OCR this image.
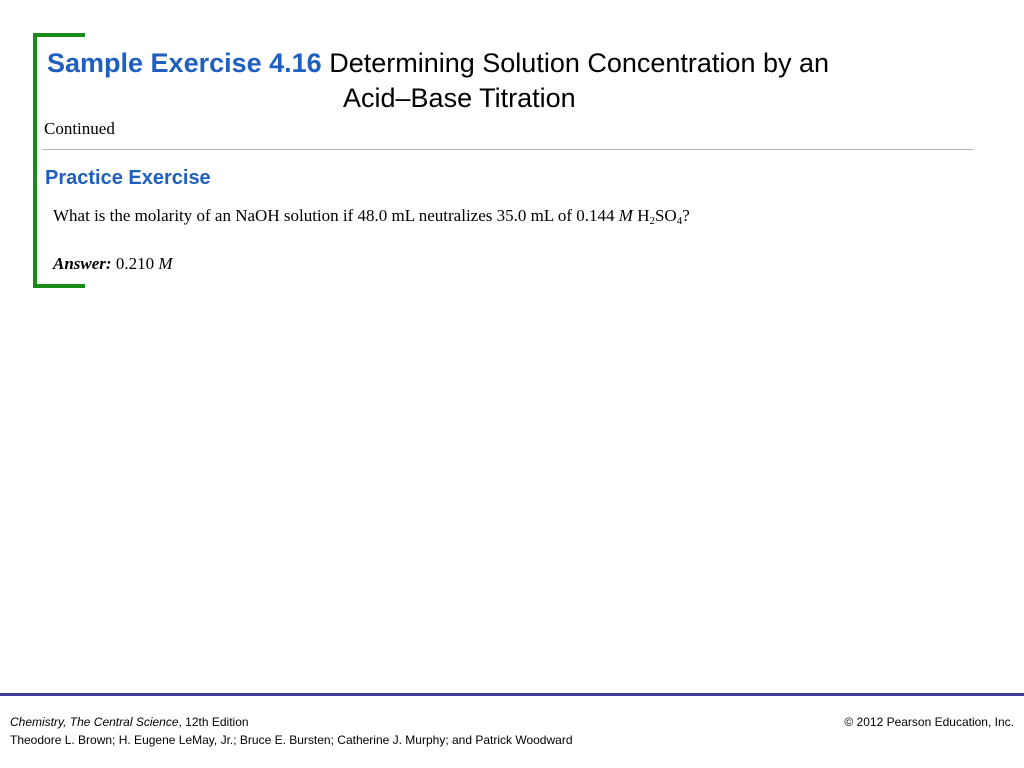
Sample Exercise 4.16 Determining Solution Concentration by an
Acid–Base Titration
Continued
Practice Exercise
What is the molarity of an NaOH solution if 48.0 mL neutralizes 35.0 mL of 0.144 M $H_2SO_4$?
Answer: 0.210 M
Chemistry, The Central Science, 12th Edition
Theodore L. Brown; H. Eugene LeMay, Jr.; Bruce E. Bursten; Catherine J. Murphy; and Patrick Woodward
© 2012 Pearson Education, Inc.
